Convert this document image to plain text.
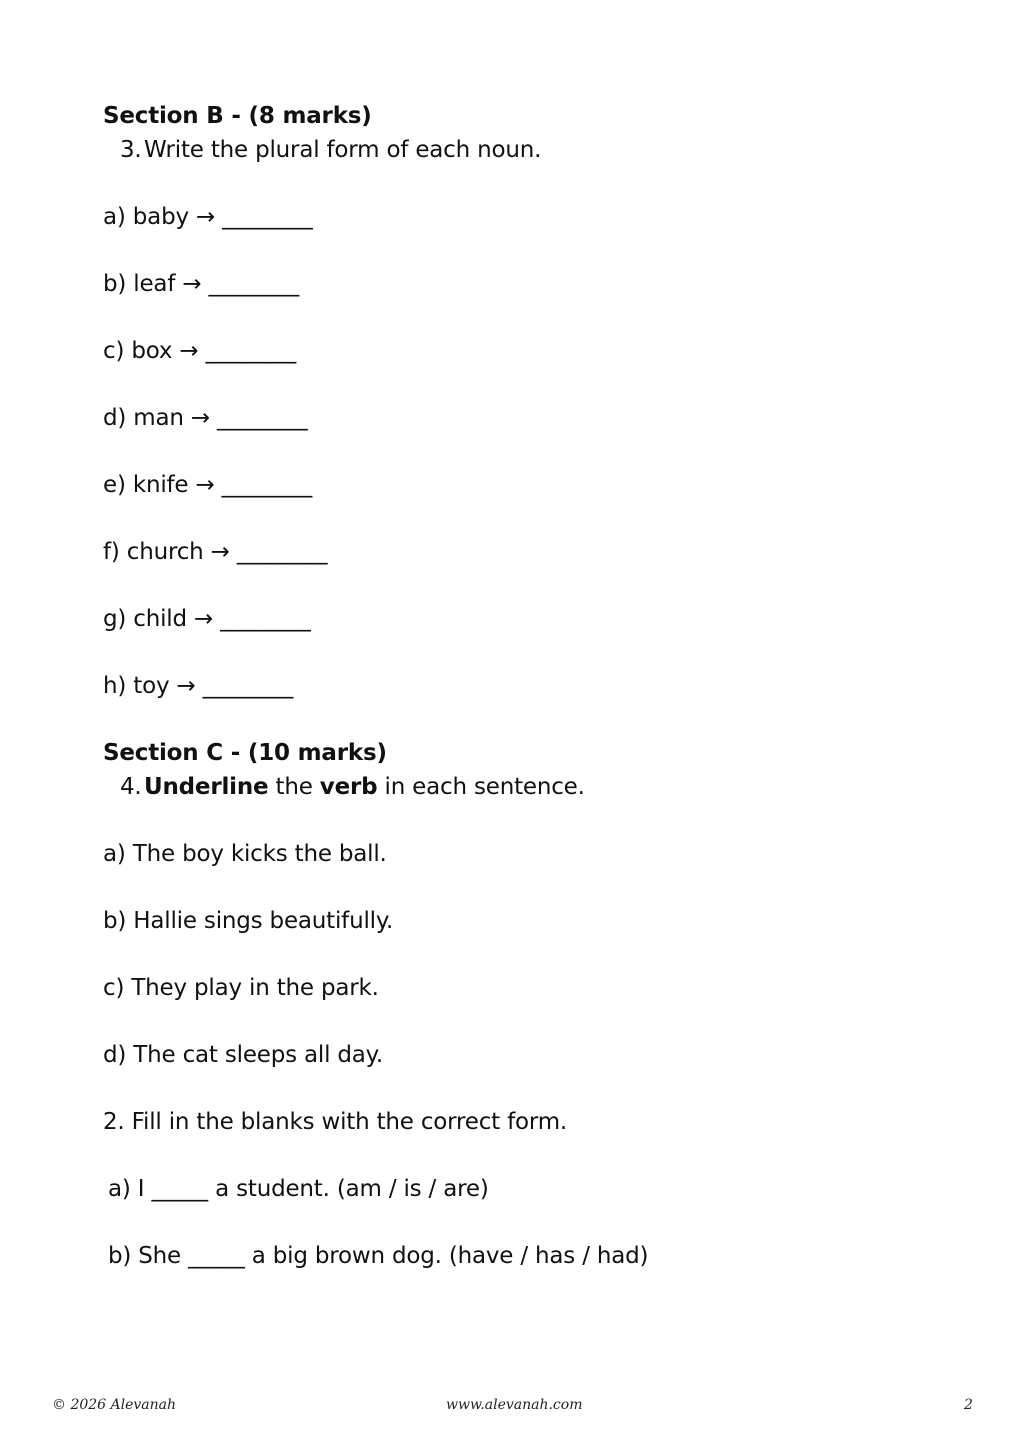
Section B - (8 marks)
3. Write the plural form of each noun.
a) baby → ________
b) leaf → ________
c) box → ________
d) man → ________
e) knife → ________
f) church → ________
g) child → ________
h) toy → ________
Section C - (10 marks)
4. Underline the verb in each sentence.
a) The boy kicks the ball.
b) Hallie sings beautifully.
c) They play in the park.
d) The cat sleeps all day.
2. Fill in the blanks with the correct form.
a) I _____ a student. (am / is / are)
b) She _____ a big brown dog. (have / has / had)
© 2026 Alevanah	www.alevanah.com	2
